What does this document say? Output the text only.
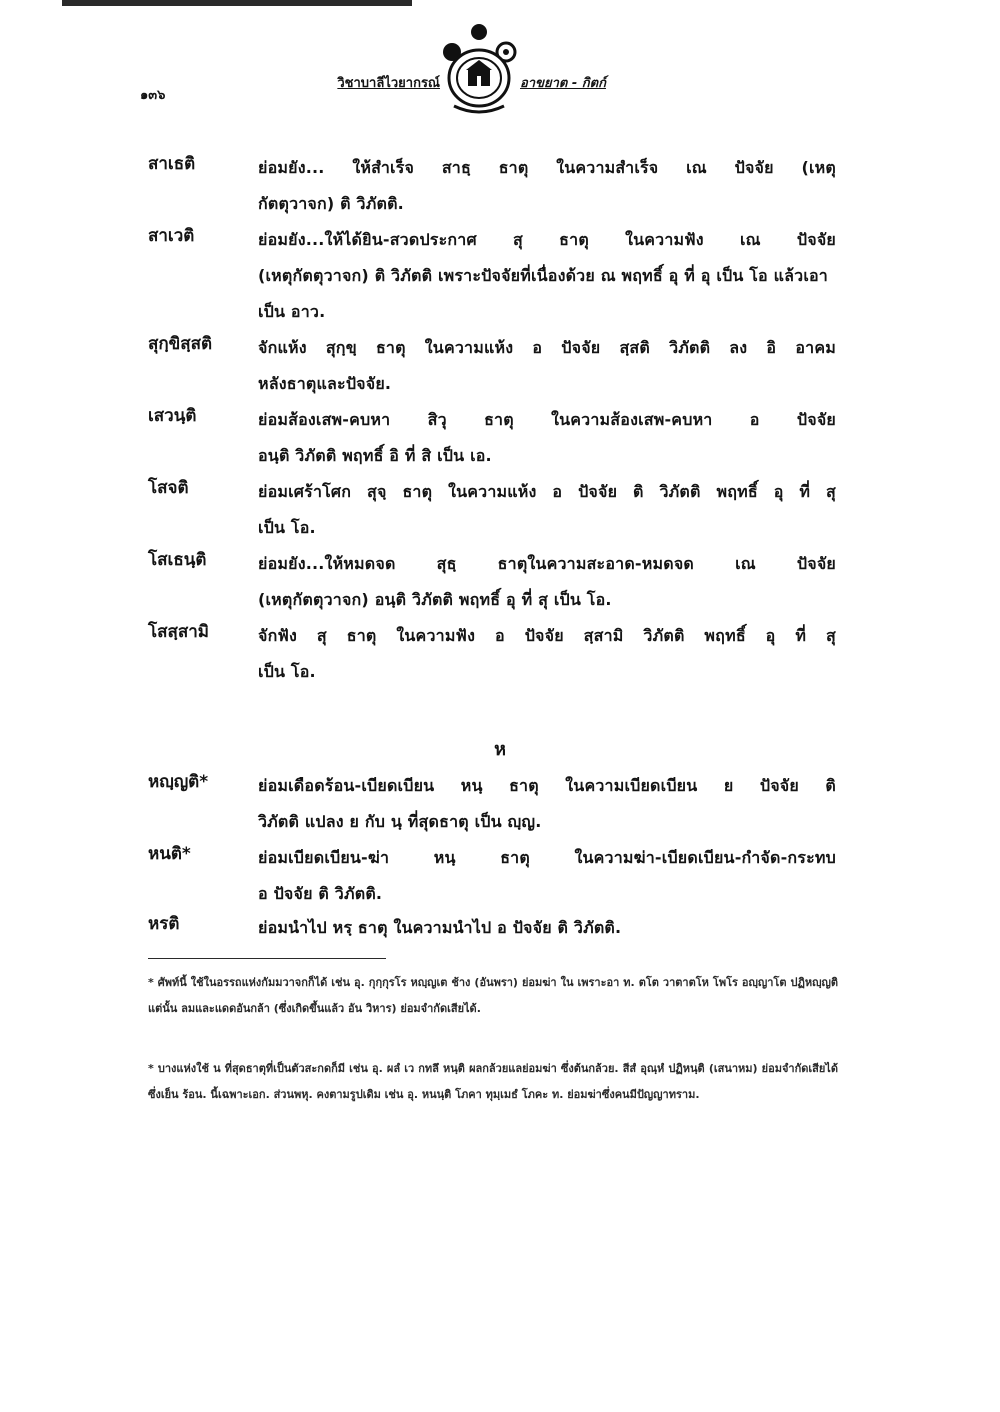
๑๓๖
วิชาบาลีไวยากรณ์	อาขยาต - กิตก์
สาเธติ	ย่อมยัง... ให้สำเร็จ สาธฺ ธาตุ ในความสำเร็จ เณ ปัจจัย (เหตุ
กัตตุวาจก) ติ วิภัตติ.
สาเวติ	ย่อมยัง...ให้ได้ยิน-สวดประกาศ สุ ธาตุ ในความฟัง เณ ปัจจัย
(เหตุกัตตุวาจก) ติ วิภัตติ เพราะปัจจัยที่เนื่องด้วย ณ พฤทธิ์ อุ ที่ อุ เป็น โอ แล้วเอาเป็น อาว.
สุกฺขิสฺสติ	จักแห้ง สุกฺขฺ ธาตุ ในความแห้ง อ ปัจจัย สฺสติ วิภัตติ ลง อิ อาคม
หลังธาตุและปัจจัย.
เสวนฺติ	ย่อมส้องเสพ-คบหา สิวุ ธาตุ ในความส้องเสพ-คบหา อ ปัจจัย
อนฺติ วิภัตติ พฤทธิ์ อิ ที่ สิ เป็น เอ.
โสจติ	ย่อมเศร้าโศก สุจฺ ธาตุ ในความแห้ง อ ปัจจัย ติ วิภัตติ พฤทธิ์ อุ ที่ สุ
เป็น โอ.
โสเธนฺติ	ย่อมยัง...ให้หมดจด สุธฺ ธาตุในความสะอาด-หมดจด เณ ปัจจัย
(เหตุกัตตุวาจก) อนฺติ วิภัตติ พฤทธิ์ อุ ที่ สุ เป็น โอ.
โสสฺสามิ	จักฟัง สุ ธาตุ ในความฟัง อ ปัจจัย สฺสามิ วิภัตติ พฤทธิ์ อุ ที่ สุ
เป็น โอ.
ห
หญฺญติ*	ย่อมเดือดร้อน-เบียดเบียน หนฺ ธาตุ ในความเบียดเบียน ย ปัจจัย ติ
วิภัตติ แปลง ย กับ นฺ ที่สุดธาตุ เป็น ญฺญ.
หนติ*	ย่อมเบียดเบียน-ฆ่า หนฺ ธาตุ ในความฆ่า-เบียดเบียน-กำจัด-กระทบ
อ ปัจจัย ติ วิภัตติ.
หรติ	ย่อมนำไป หรฺ ธาตุ ในความนำไป อ ปัจจัย ติ วิภัตติ.
* ศัพท์นี้ ใช้ในอรรถแห่งกัมมวาจกก็ได้ เช่น อุ. กุกฺกุรโร หญฺญเต ช้าง (อันพรา) ย่อมฆ่า ใน เพราะอา ท. ตโต วาตาตโห โพโร อญฺญาโต ปฏิหญฺญติ แต่นั้น ลมและแดดอันกล้า (ซึ่งเกิดขึ้นแล้ว อัน วิหาร) ย่อมจำกัดเสียได้.
* บางแห่งใช้ น ที่สุดธาตุที่เป็นตัวสะกดก็มี เช่น อุ. ผลํ เว กทลึ หนฺติ ผลกล้วยแลย่อมฆ่า ซึ่งต้นกล้วย. สีสํ อุณฺหํ ปฏิหนฺติ (เสนาหม) ย่อมจำกัดเสียได้ ซึ่งเย็น ร้อน. นี้เฉพาะเอก. ส่วนพหุ. คงตามรูปเดิม เช่น อุ. หนนฺติ โภคา ทุมฺเมธํ โภคะ ท. ย่อมฆ่าซึ่งคนมีปัญญาทราม.
